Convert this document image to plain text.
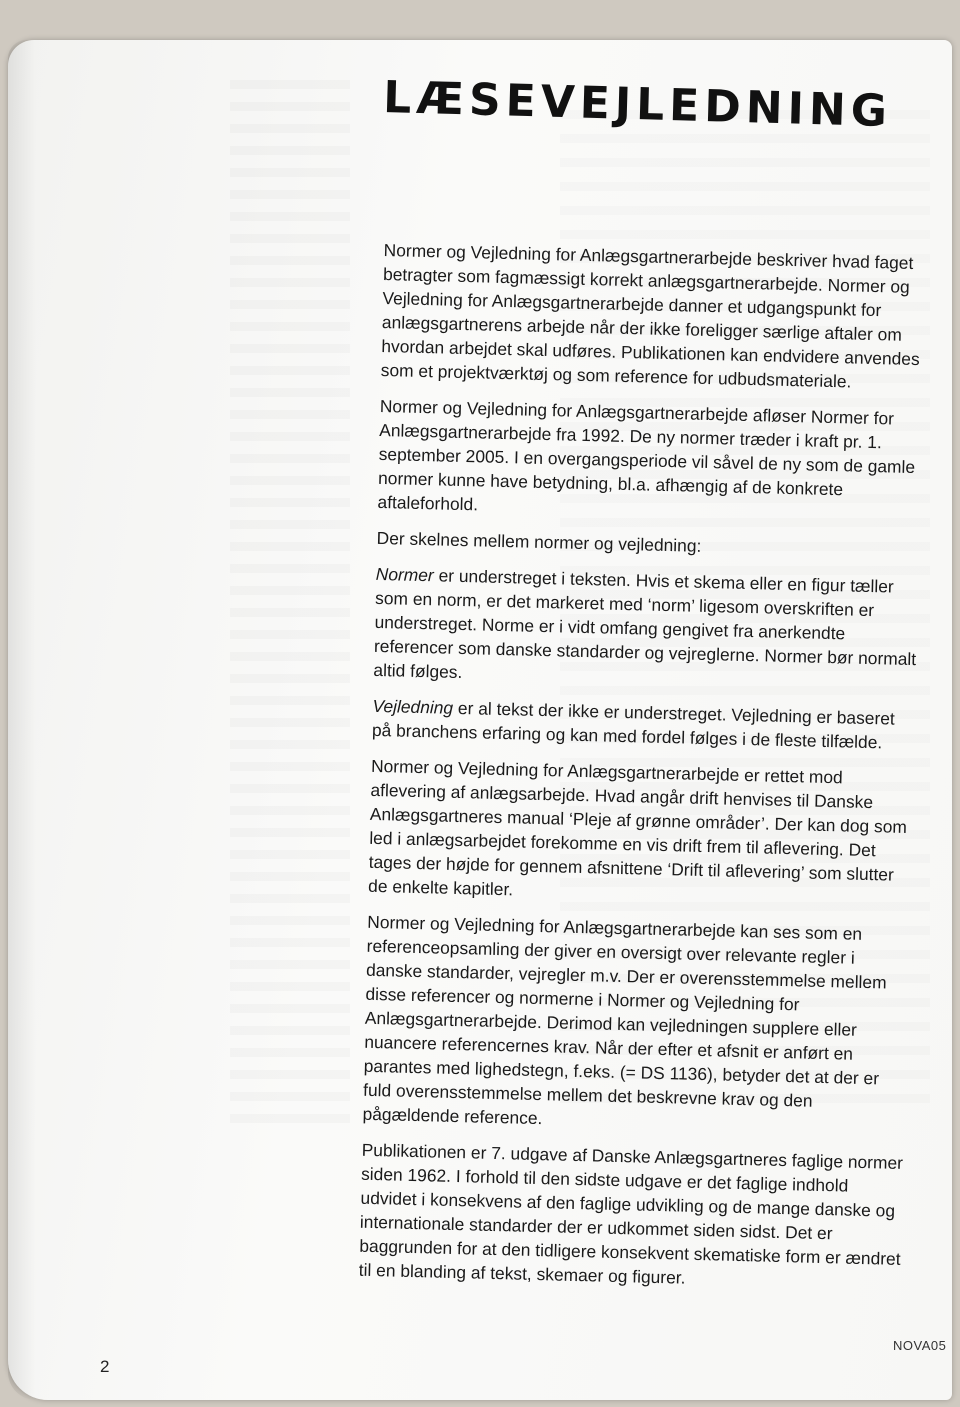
LÆSEVEJLEDNING

Normer og Vejledning for Anlægsgartnerarbejde beskriver hvad faget betragter som fagmæssigt korrekt anlægsgartnerarbejde. Normer og Vejledning for Anlægsgartnerarbejde danner et udgangspunkt for anlægsgartnerens arbejde når der ikke foreligger særlige aftaler om hvordan arbejdet skal udføres. Publikationen kan endvidere anvendes som et projektværktøj og som reference for udbudsmateriale.

Normer og Vejledning for Anlægsgartnerarbejde afløser Normer for Anlægsgartnerarbejde fra 1992. De ny normer træder i kraft pr. 1. september 2005. I en overgangsperiode vil såvel de ny som de gamle normer kunne have betydning, bl.a. afhængig af de konkrete aftaleforhold.

Der skelnes mellem normer og vejledning:

Normer er understreget i teksten. Hvis et skema eller en figur tæller som en norm, er det markeret med ‘norm’ ligesom overskriften er understreget. Norme er i vidt omfang gengivet fra anerkendte referencer som danske standarder og vejreglerne. Normer bør normalt altid følges.

Vejledning er al tekst der ikke er understreget. Vejledning er baseret på branchens erfaring og kan med fordel følges i de fleste tilfælde.

Normer og Vejledning for Anlægsgartnerarbejde er rettet mod aflevering af anlægsarbejde. Hvad angår drift henvises til Danske Anlægsgartneres manual ‘Pleje af grønne områder’. Der kan dog som led i anlægsarbejdet forekomme en vis drift frem til aflevering. Det tages der højde for gennem afsnittene ‘Drift til aflevering’ som slutter de enkelte kapitler.

Normer og Vejledning for Anlægsgartnerarbejde kan ses som en referenceopsamling der giver en oversigt over relevante regler i danske standarder, vejregler m.v. Der er overensstemmelse mellem disse referencer og normerne i Normer og Vejledning for Anlægsgartnerarbejde. Derimod kan vejledningen supplere eller nuancere referencernes krav. Når der efter et afsnit er anført en parantes med lighedstegn, f.eks. (= DS 1136), betyder det at der er fuld overensstemmelse mellem det beskrevne krav og den pågældende reference.

Publikationen er 7. udgave af Danske Anlægsgartneres faglige normer siden 1962. I forhold til den sidste udgave er det faglige indhold udvidet i konsekvens af den faglige udvikling og de mange danske og internationale standarder der er udkommet siden sidst. Det er baggrunden for at den tidligere konsekvent skematiske form er ændret til en blanding af tekst, skemaer og figurer.

2
NOVA05
